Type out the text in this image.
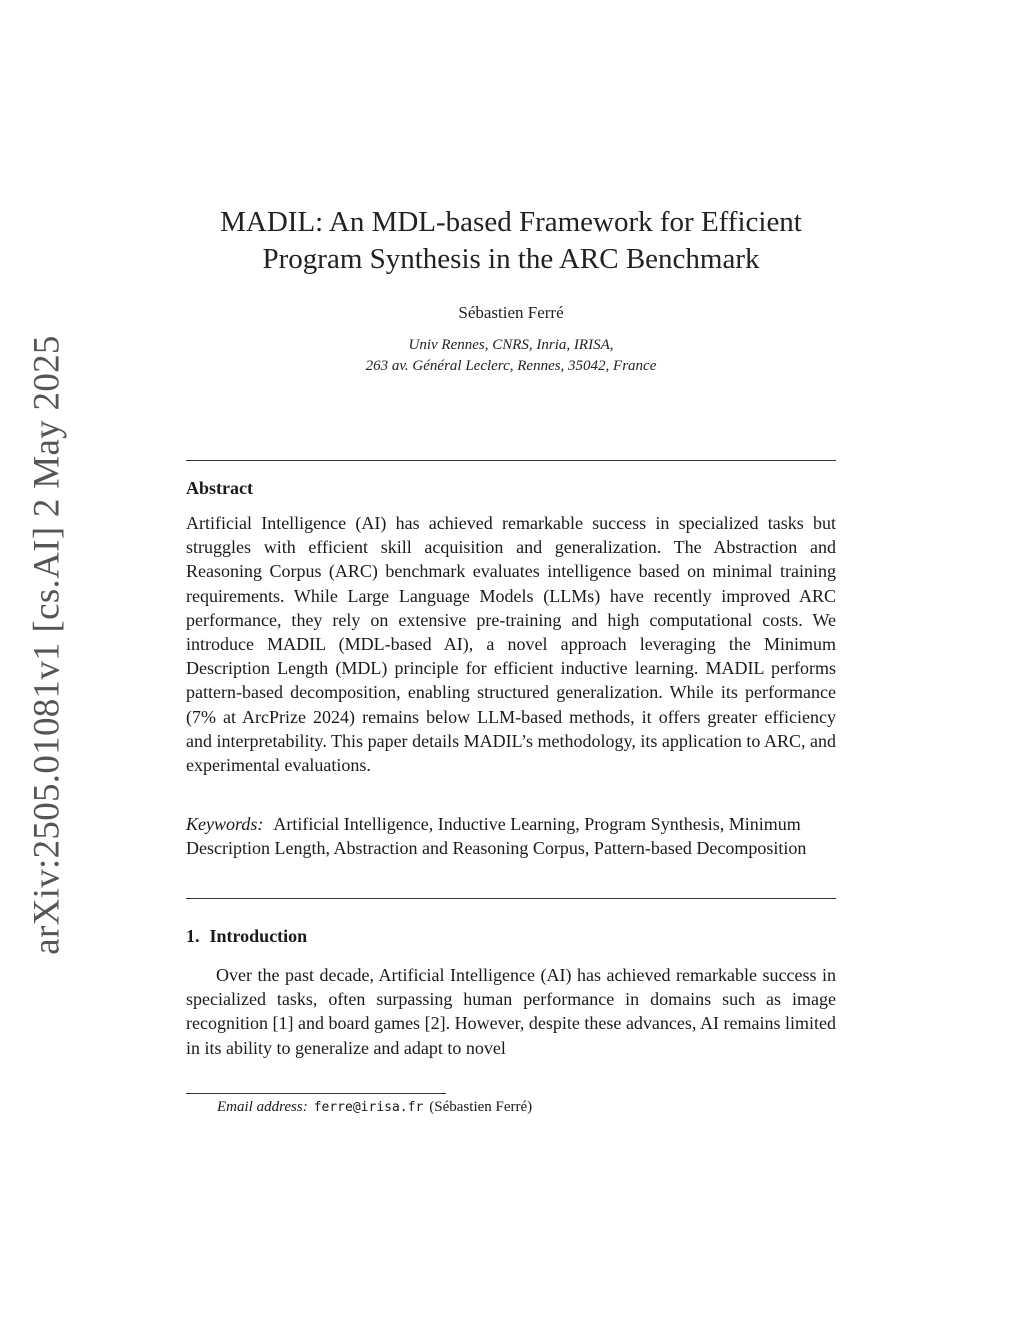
arXiv:2505.01081v1 [cs.AI] 2 May 2025
MADIL: An MDL-based Framework for Efficient
Program Synthesis in the ARC Benchmark
Sébastien Ferré
Univ Rennes, CNRS, Inria, IRISA,
263 av. Général Leclerc, Rennes, 35042, France
Abstract
Artificial Intelligence (AI) has achieved remarkable success in specialized tasks but struggles with efficient skill acquisition and generalization. The Abstraction and Reasoning Corpus (ARC) benchmark evaluates intelligence based on minimal training requirements. While Large Language Models (LLMs) have recently improved ARC performance, they rely on extensive pre-training and high computational costs. We introduce MADIL (MDL-based AI), a novel approach leveraging the Minimum Description Length (MDL) principle for efficient inductive learning. MADIL performs pattern-based decomposition, enabling structured generalization. While its performance (7% at ArcPrize 2024) remains below LLM-based methods, it offers greater efficiency and interpretability. This paper details MADIL’s methodology, its application to ARC, and experimental evaluations.
Keywords: Artificial Intelligence, Inductive Learning, Program Synthesis, Minimum Description Length, Abstraction and Reasoning Corpus, Pattern-based Decomposition
1. Introduction
Over the past decade, Artificial Intelligence (AI) has achieved remarkable success in specialized tasks, often surpassing human performance in domains such as image recognition [1] and board games [2]. However, despite these advances, AI remains limited in its ability to generalize and adapt to novel
Email address: ferre@irisa.fr (Sébastien Ferré)
